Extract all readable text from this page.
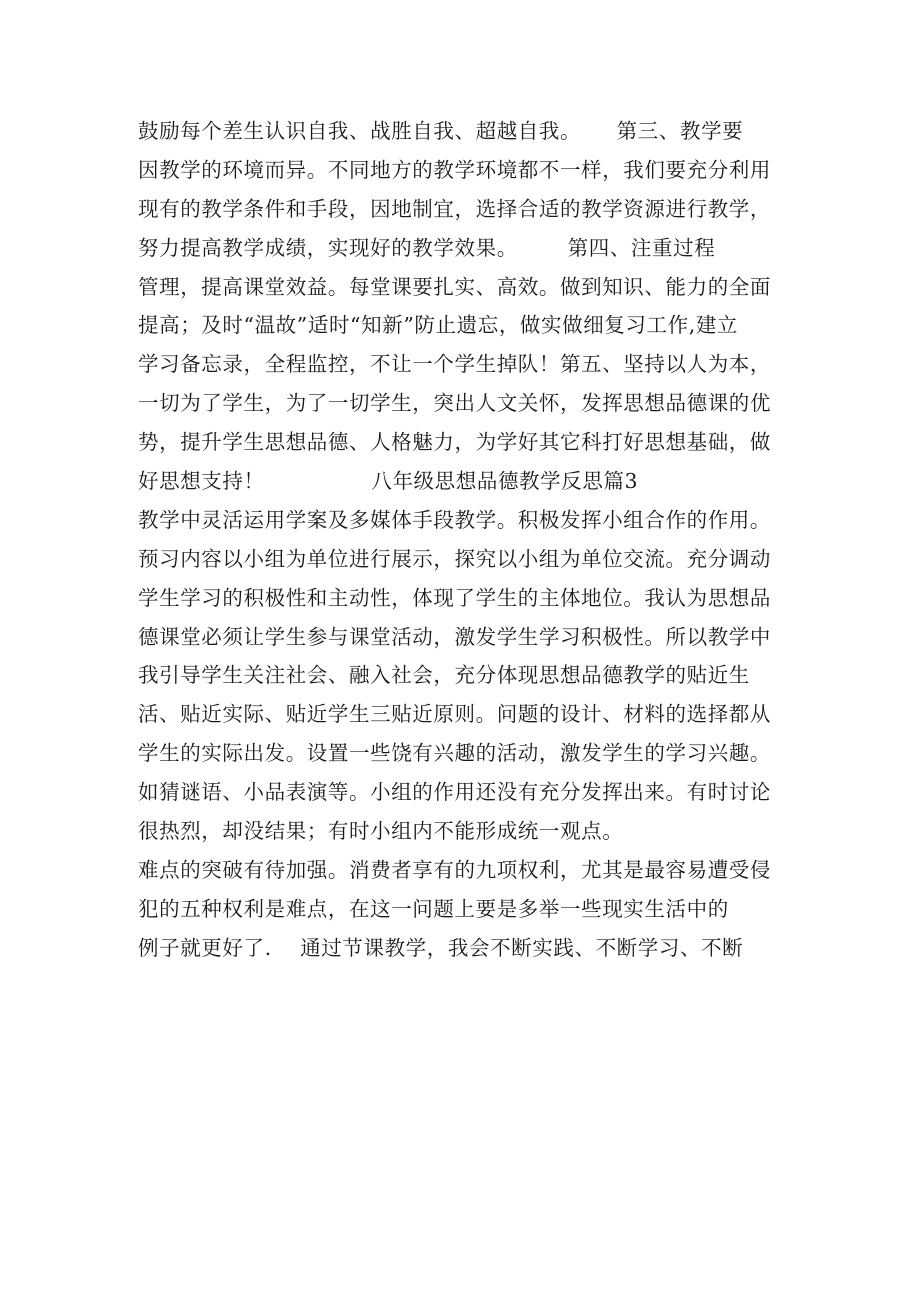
鼓励每个差生认识自我、战胜自我、超越自我。     第三、教学要
因教学的环境而异。不同地方的教学环境都不一样，我们要充分利用
现有的教学条件和手段，因地制宜，选择合适的教学资源进行教学，
努力提高教学成绩，实现好的教学效果。       第四、注重过程
管理，提高课堂效益。每堂课要扎实、高效。做到知识、能力的全面
提高；及时“温故”适时“知新”防止遗忘，做实做细复习工作,建立
学习备忘录，全程监控，不让一个学生掉队！第五、坚持以人为本，
一切为了学生，为了一切学生，突出人文关怀，发挥思想品德课的优
势，提升学生思想品德、人格魅力，为学好其它科打好思想基础，做
好思想支持！               八年级思想品德教学反思篇3
教学中灵活运用学案及多媒体手段教学。积极发挥小组合作的作用。
预习内容以小组为单位进行展示，探究以小组为单位交流。充分调动
学生学习的积极性和主动性，体现了学生的主体地位。我认为思想品
德课堂必须让学生参与课堂活动，激发学生学习积极性。所以教学中
我引导学生关注社会、融入社会，充分体现思想品德教学的贴近生
活、贴近实际、贴近学生三贴近原则。问题的设计、材料的选择都从
学生的实际出发。设置一些饶有兴趣的活动，激发学生的学习兴趣。
如猜谜语、小品表演等。小组的作用还没有充分发挥出来。有时讨论
很热烈，却没结果；有时小组内不能形成统一观点。
难点的突破有待加强。消费者享有的九项权利，尤其是最容易遭受侵
犯的五种权利是难点，在这一问题上要是多举一些现实生活中的
例子就更好了.    通过节课教学，我会不断实践、不断学习、不断
